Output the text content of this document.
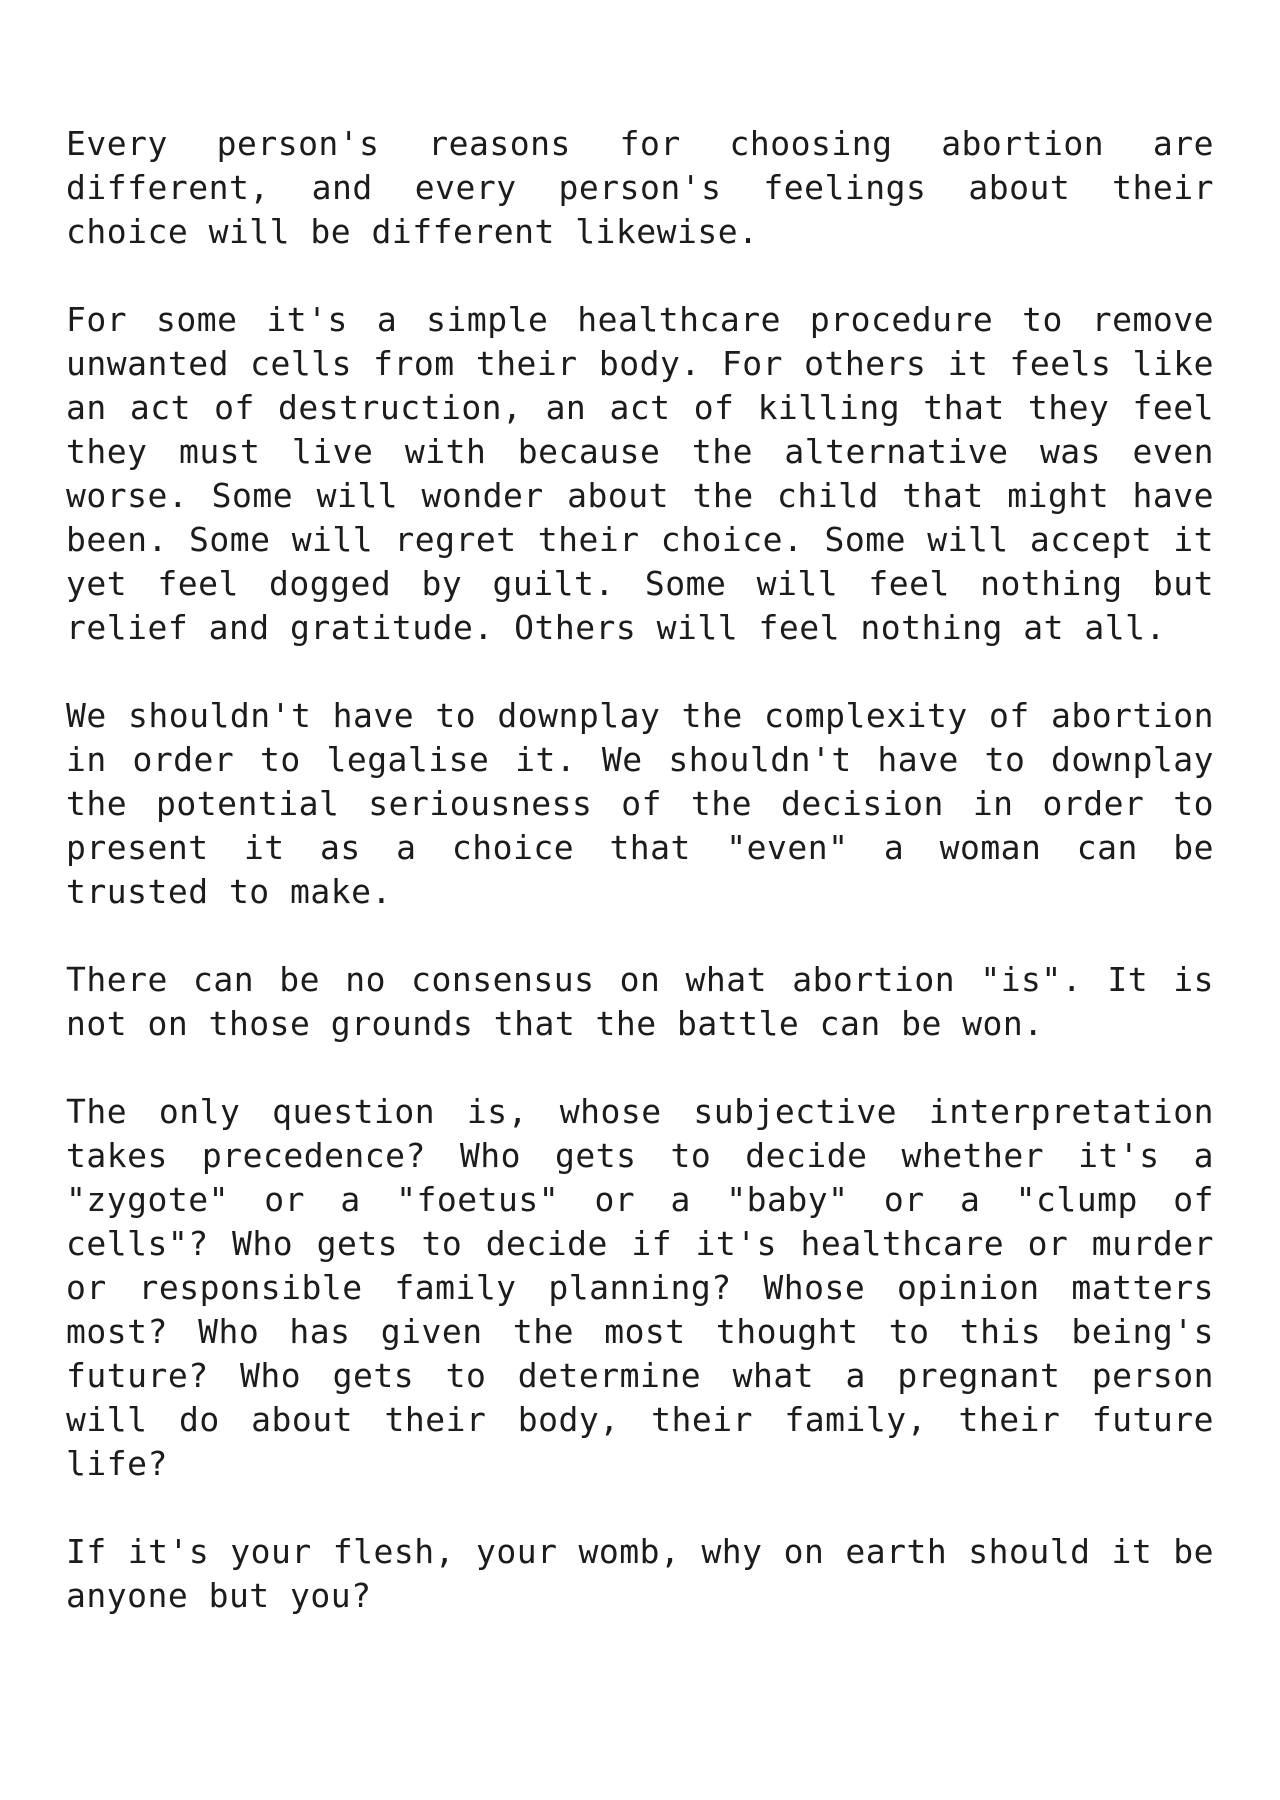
Every person's reasons for choosing abortion are different, and every person's feelings about their choice will be different likewise.

For some it's a simple healthcare procedure to remove unwanted cells from their body. For others it feels like an act of destruction, an act of killing that they feel they must live with because the alternative was even worse. Some will wonder about the child that might have been. Some will regret their choice. Some will accept it yet feel dogged by guilt. Some will feel nothing but relief and gratitude. Others will feel nothing at all.

We shouldn't have to downplay the complexity of abortion in order to legalise it. We shouldn't have to downplay the potential seriousness of the decision in order to present it as a choice that "even" a woman can be trusted to make.

There can be no consensus on what abortion "is". It is not on those grounds that the battle can be won.

The only question is, whose subjective interpretation takes precedence? Who gets to decide whether it's a "zygote" or a "foetus" or a "baby" or a "clump of cells"? Who gets to decide if it's healthcare or murder or responsible family planning? Whose opinion matters most? Who has given the most thought to this being's future? Who gets to determine what a pregnant person will do about their body, their family, their future life?

If it's your flesh, your womb, why on earth should it be anyone but you?
